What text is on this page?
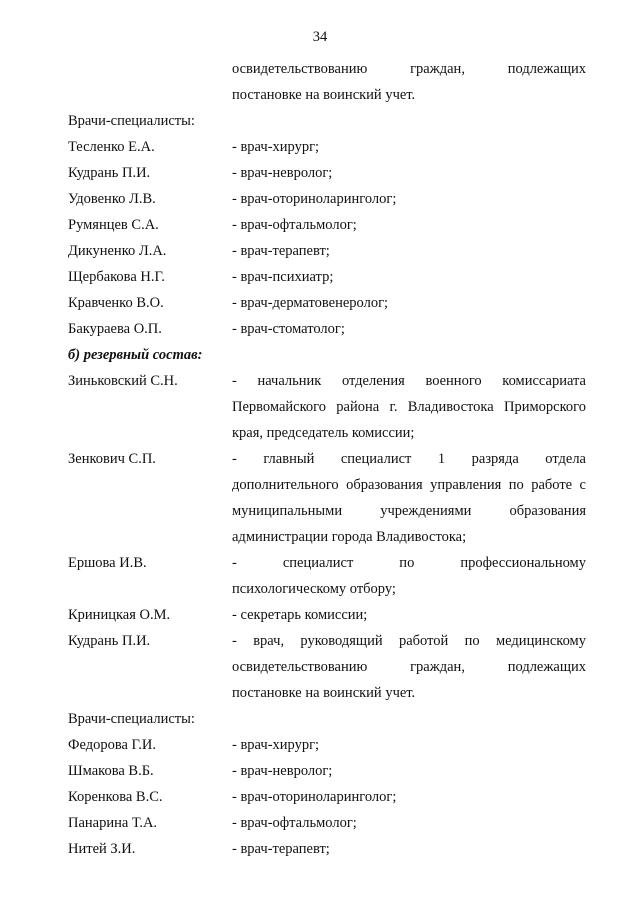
34
освидетельствованию граждан, подлежащих
постановке на воинский учет.
Врачи-специалисты:
Тесленко Е.А.	- врач-хирург;
Кудрань П.И.	- врач-невролог;
Удовенко Л.В.	- врач-оториноларинголог;
Румянцев С.А.	- врач-офтальмолог;
Дикуненко Л.А.	- врач-терапевт;
Щербакова Н.Г.	- врач-психиатр;
Кравченко В.О.	- врач-дерматовенеролог;
Бакураева О.П.	- врач-стоматолог;
б) резервный состав:
Зиньковский С.Н.	- начальник отделения военного комиссариата
Первомайского района г. Владивостока Приморского
края, председатель комиссии;
Зенкович С.П.	- главный специалист 1 разряда отдела
дополнительного образования управления по работе с
муниципальными учреждениями образования
администрации города Владивостока;
Ершова И.В.	- специалист по профессиональному
психологическому отбору;
Криницкая О.М.	- секретарь комиссии;
Кудрань П.И.	- врач, руководящий работой по медицинскому
освидетельствованию граждан, подлежащих
постановке на воинский учет.
Врачи-специалисты:
Федорова Г.И.	- врач-хирург;
Шмакова В.Б.	- врач-невролог;
Коренкова В.С.	- врач-оториноларинголог;
Панарина Т.А.	- врач-офтальмолог;
Нитей З.И.	- врач-терапевт;
